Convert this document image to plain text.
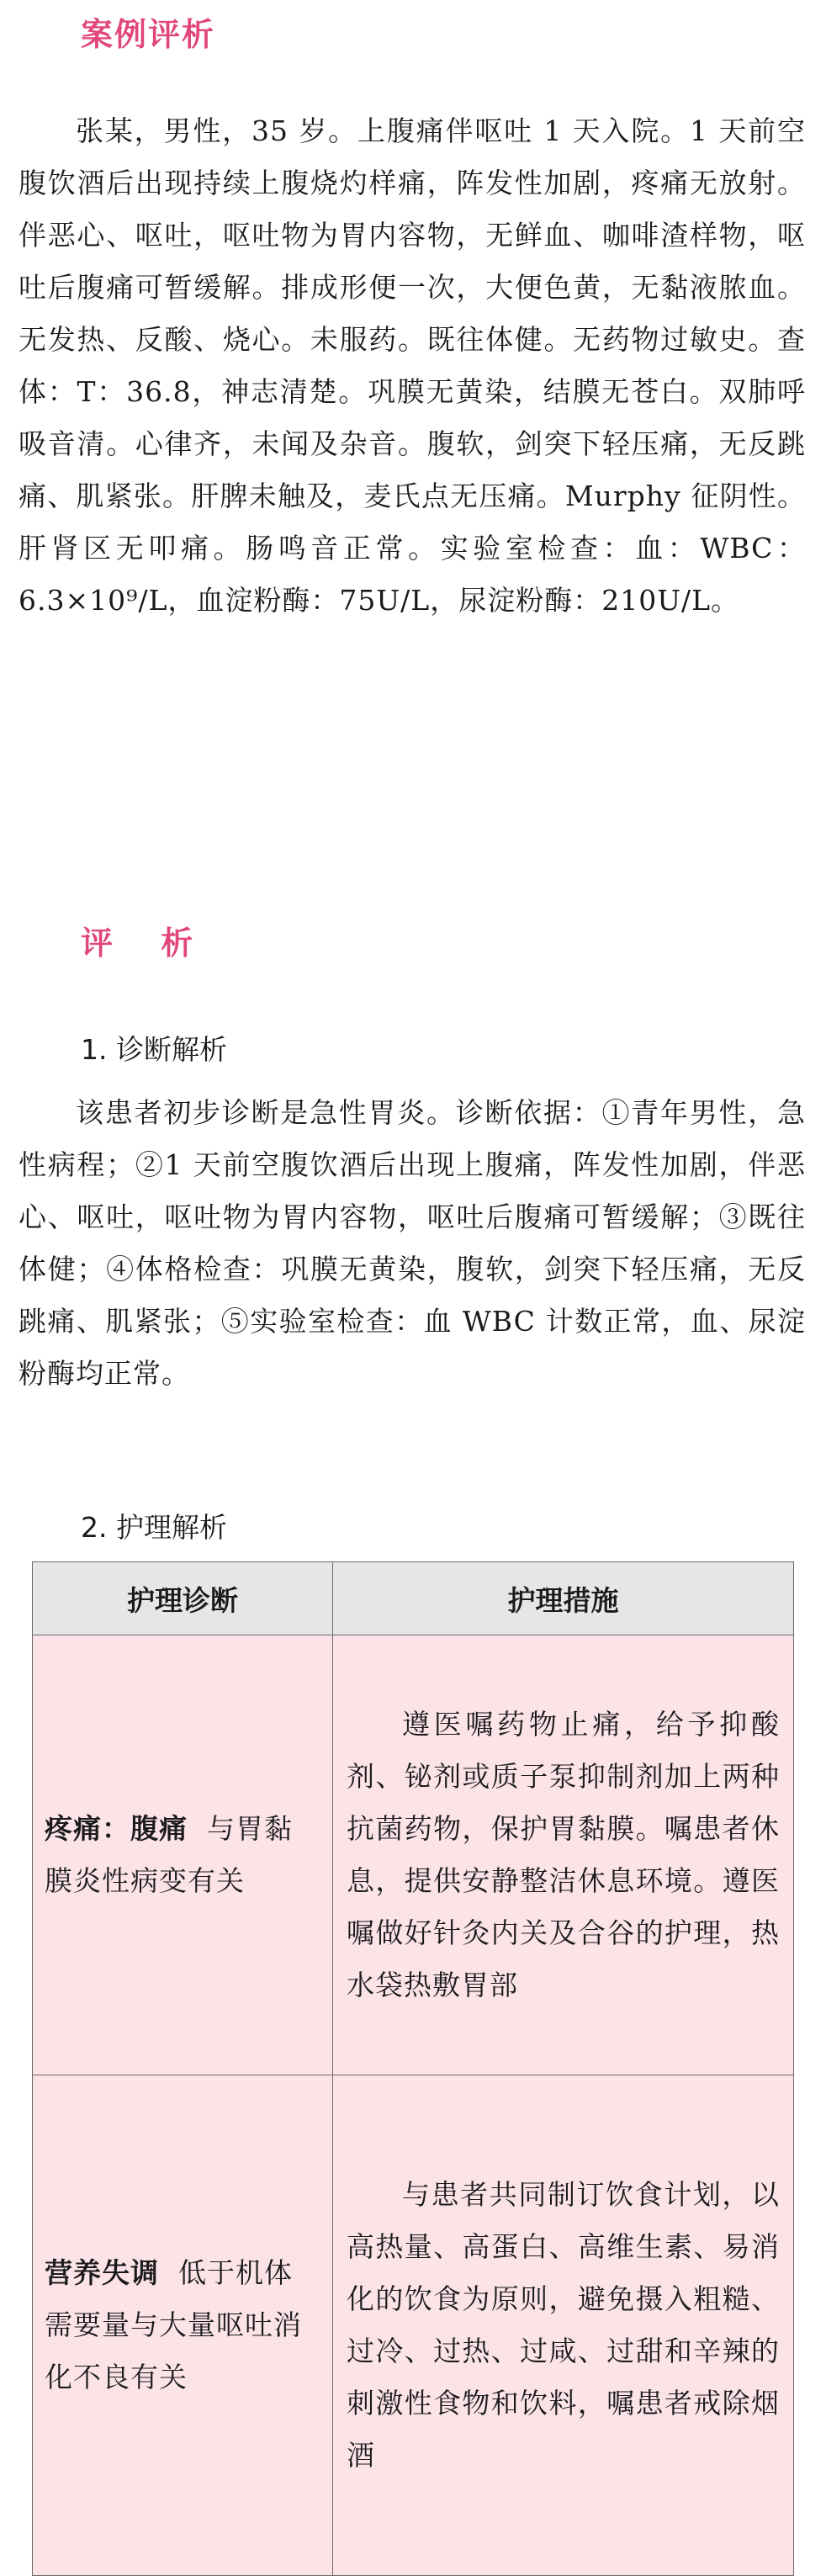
案例评析

张某，男性，35 岁。上腹痛伴呕吐 1 天入院。1 天前空腹饮酒后出现持续上腹烧灼样痛，阵发性加剧，疼痛无放射。伴恶心、呕吐，呕吐物为胃内容物，无鲜血、咖啡渣样物，呕吐后腹痛可暂缓解。排成形便一次，大便色黄，无黏液脓血。无发热、反酸、烧心。未服药。既往体健。无药物过敏史。查体：T：36.8，神志清楚。巩膜无黄染，结膜无苍白。双肺呼吸音清。心律齐，未闻及杂音。腹软，剑突下轻压痛，无反跳痛、肌紧张。肝脾未触及，麦氏点无压痛。Murphy 征阴性。肝肾区无叩痛。肠鸣音正常。实验室检查：血：WBC：6.3×10⁹/L，血淀粉酶：75U/L，尿淀粉酶：210U/L。

评 析

1. 诊断解析

该患者初步诊断是急性胃炎。诊断依据：①青年男性，急性病程；②1 天前空腹饮酒后出现上腹痛，阵发性加剧，伴恶心、呕吐，呕吐物为胃内容物，呕吐后腹痛可暂缓解；③既往体健；④体格检查：巩膜无黄染，腹软，剑突下轻压痛，无反跳痛、肌紧张；⑤实验室检查：血 WBC 计数正常，血、尿淀粉酶均正常。

2. 护理解析

护理诊断	护理措施
疼痛：腹痛 与胃黏膜炎性病变有关	遵医嘱药物止痛，给予抑酸剂、铋剂或质子泵抑制剂加上两种抗菌药物，保护胃黏膜。嘱患者休息，提供安静整洁休息环境。遵医嘱做好针灸内关及合谷的护理，热水袋热敷胃部
营养失调 低于机体需要量与大量呕吐消化不良有关	与患者共同制订饮食计划，以高热量、高蛋白、高维生素、易消化的饮食为原则，避免摄入粗糙、过冷、过热、过咸、过甜和辛辣的刺激性食物和饮料，嘱患者戒除烟酒
